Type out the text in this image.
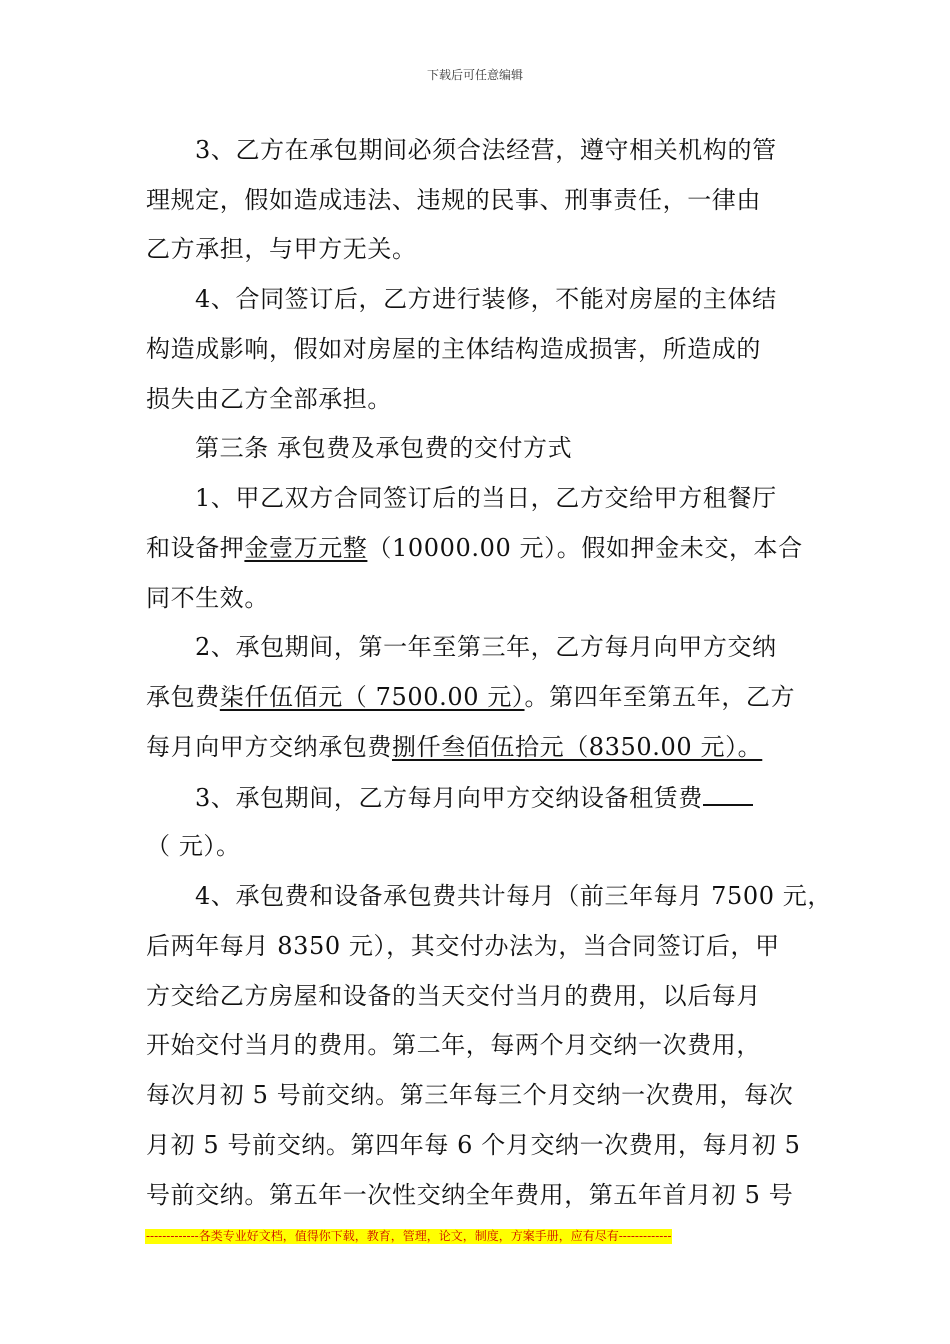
下载后可任意编辑
3、乙方在承包期间必须合法经营，遵守相关机构的管
理规定，假如造成违法、违规的民事、刑事责任，一律由
乙方承担，与甲方无关。
4、合同签订后，乙方进行装修，不能对房屋的主体结
构造成影响，假如对房屋的主体结构造成损害，所造成的
损失由乙方全部承担。
第三条 承包费及承包费的交付方式
1、甲乙双方合同签订后的当日，乙方交给甲方租餐厅
和设备押金壹万元整（10000.00 元）。假如押金未交，本合
同不生效。
2、承包期间，第一年至第三年，乙方每月向甲方交纳
承包费柒仟伍佰元（ 7500.00 元）。第四年至第五年，乙方
每月向甲方交纳承包费捌仟叁佰伍拾元（8350.00 元）。
3、承包期间，乙方每月向甲方交纳设备租赁费
（ 元）。
4、承包费和设备承包费共计每月（前三年每月 7500 元，
后两年每月 8350 元），其交付办法为，当合同签订后，甲
方交给乙方房屋和设备的当天交付当月的费用，以后每月
开始交付当月的费用。第二年，每两个月交纳一次费用，
每次月初 5 号前交纳。第三年每三个月交纳一次费用，每次
月初 5 号前交纳。第四年每 6 个月交纳一次费用，每月初 5
号前交纳。第五年一次性交纳全年费用，第五年首月初 5 号
-------------各类专业好文档，值得你下载，教育，管理，论文，制度，方案手册，应有尽有-------------
